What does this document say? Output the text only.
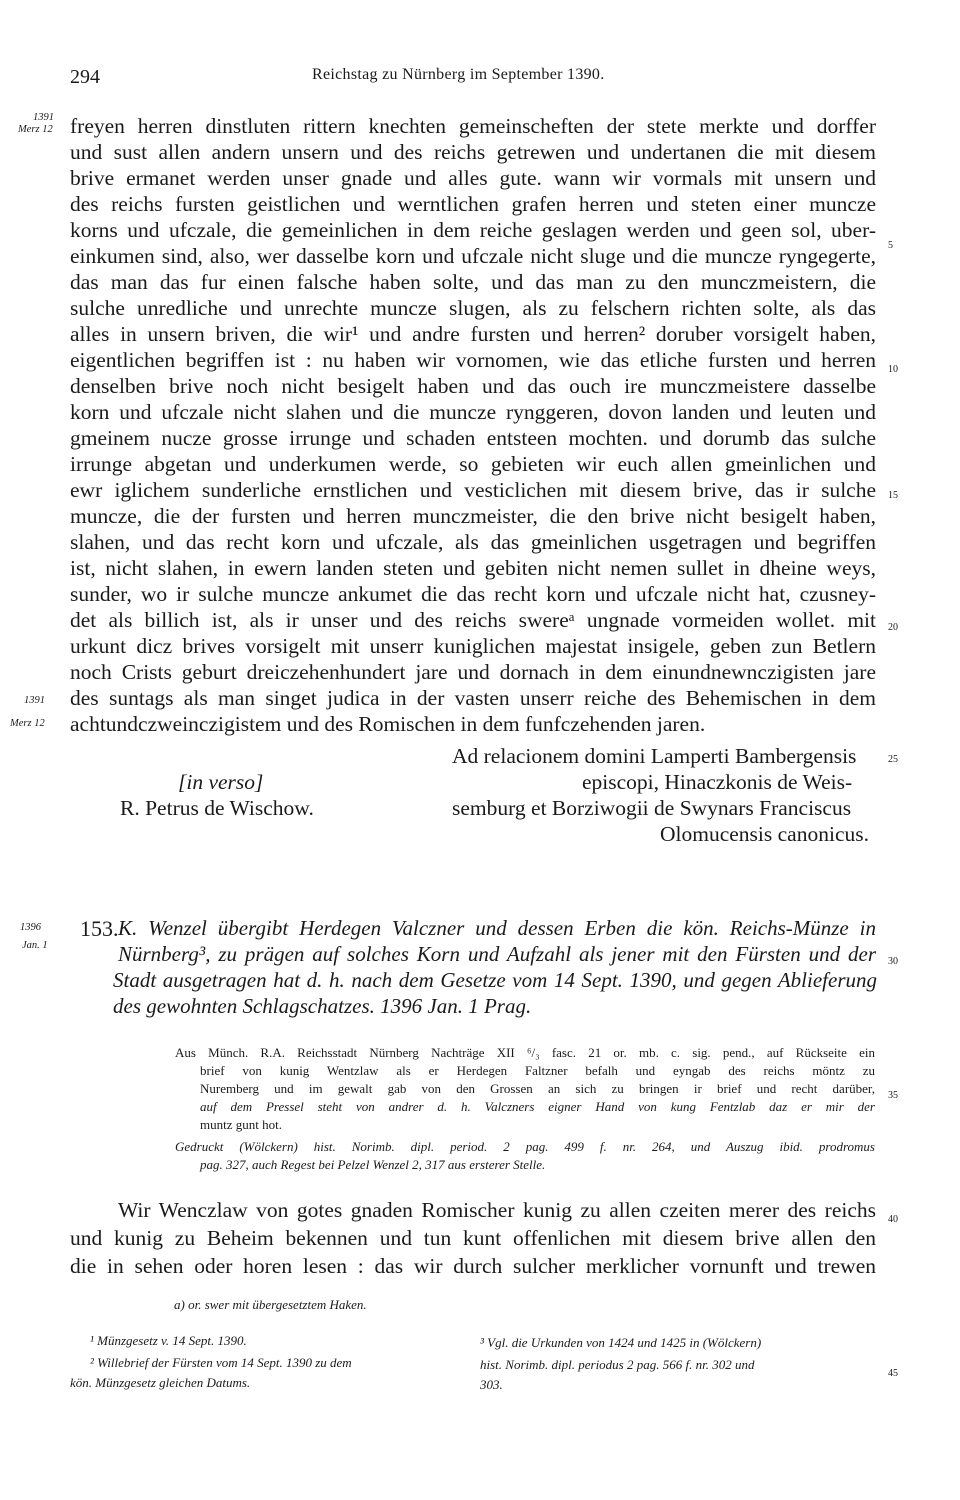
294	Reichstag zu Nürnberg im September 1390.
1391
Merz 12
1391
Merz 12
1396
Jan. 1
5
10
15
20
25
30
35
40
45
freyen herren dinstluten rittern knechten gemeinscheften der stete merkte und dorffer
und sust allen andern unsern und des reichs getrewen und undertanen die mit diesem
brive ermanet werden unser gnade und alles gute. wann wir vormals mit unsern und
des reichs fursten geistlichen und werntlichen grafen herren und steten einer muncze
korns und ufczale, die gemeinlichen in dem reiche geslagen werden und geen sol, uber-
einkumen sind, also, wer dasselbe korn und ufczale nicht sluge und die muncze ryngegerte,
das man das fur einen falsche haben solte, und das man zu den munczmeistern, die
sulche unredliche und unrechte muncze slugen, als zu felschern richten solte, als das
alles in unsern briven, die wir¹ und andre fursten und herren² doruber vorsigelt haben,
eigentlichen begriffen ist : nu haben wir vornomen, wie das etliche fursten und herren
denselben brive noch nicht besigelt haben und das ouch ire munczmeistere dasselbe
korn und ufczale nicht slahen und die muncze rynggeren, dovon landen und leuten und
gmeinem nucze grosse irrunge und schaden entsteen mochten. und dorumb das sulche
irrunge abgetan und underkumen werde, so gebieten wir euch allen gmeinlichen und
ewr iglichem sunderliche ernstlichen und vesticlichen mit diesem brive, das ir sulche
muncze, die der fursten und herren munczmeister, die den brive nicht besigelt haben,
slahen, und das recht korn und ufczale, als das gmeinlichen usgetragen und begriffen
ist, nicht slahen, in ewern landen steten und gebiten nicht nemen sullet in dheine weys,
sunder, wo ir sulche muncze ankumet die das recht korn und ufczale nicht hat, czusney-
det als billich ist, als ir unser und des reichs swereᵃ ungnade vormeiden wollet. mit
urkunt dicz brives vorsigelt mit unserr kuniglichen majestat insigele, geben zun Betlern
noch Crists geburt dreiczehenhundert jare und dornach in dem einundnewnczigisten jare
des suntags als man singet judica in der vasten unserr reiche des Behemischen in dem
achtundczweinczigistem und des Romischen in dem funfczehenden jaren.
Ad relacionem domini Lamperti Bambergensis
episcopi, Hinaczkonis de Weis-
semburg et Borziwogii de Swynars Franciscus
Olomucensis canonicus.
[in verso]
R. Petrus de Wischow.
153. K. Wenzel übergibt Herdegen Valczner und dessen Erben die kön. Reichs-Münze in
Nürnberg³, zu prägen auf solches Korn und Aufzahl als jener mit den Fürsten und der
Stadt ausgetragen hat d. h. nach dem Gesetze vom 14 Sept. 1390, und gegen Ablieferung
des gewohnten Schlagschatzes. 1396 Jan. 1 Prag.
Aus Münch. R.A. Reichsstadt Nürnberg Nachträge XII ⁶/₃ fasc. 21 or. mb. c. sig. pend., auf Rückseite ein
brief von kunig Wentzlaw als er Herdegen Faltzner befalh und eyngab des reichs möntz zu
Nuremberg und im gewalt gab von den Grossen an sich zu bringen ir brief und recht darüber,
auf dem Pressel steht von andrer d. h. Valczners eigner Hand von kung Fentzlab daz er mir der
muntz gunt hot.
Gedruckt (Wölckern) hist. Norimb. dipl. period. 2 pag. 499 f. nr. 264, und Auszug ibid. prodromus
pag. 327, auch Regest bei Pelzel Wenzel 2, 317 aus ersterer Stelle.
Wir Wenczlaw von gotes gnaden Romischer kunig zu allen czeiten merer des reichs
und kunig zu Beheim bekennen und tun kunt offenlichen mit diesem brive allen den
die in sehen oder horen lesen : das wir durch sulcher merklicher vornunft und trewen
a) or. swer mit übergesetztem Haken.
¹ Münzgesetz v. 14 Sept. 1390.
² Willebrief der Fürsten vom 14 Sept. 1390 zu dem
kön. Münzgesetz gleichen Datums.
³ Vgl. die Urkunden von 1424 und 1425 in (Wölckern)
hist. Norimb. dipl. periodus 2 pag. 566 f. nr. 302 und
303.
